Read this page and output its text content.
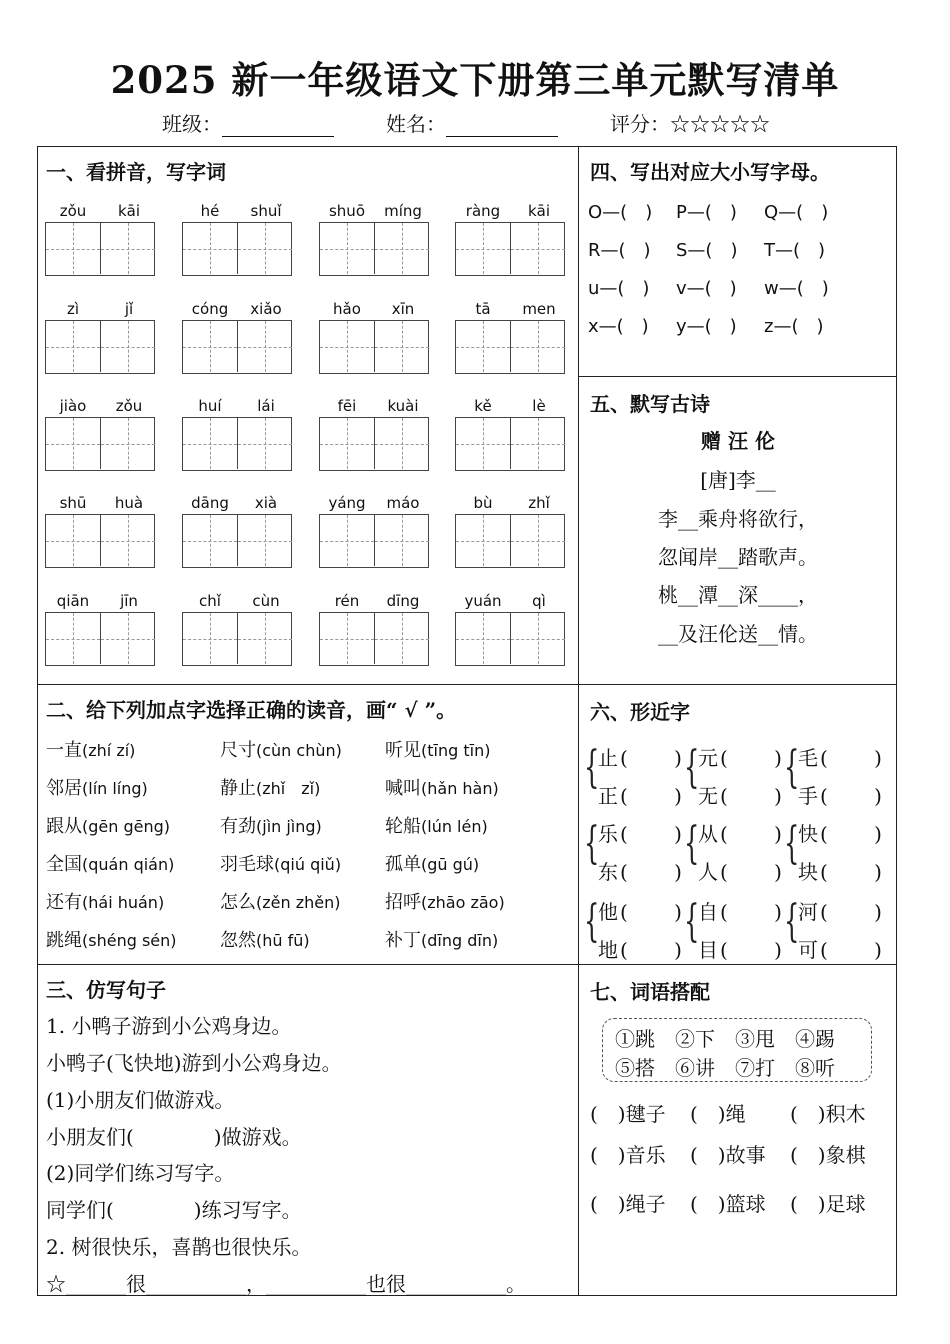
2025 新一年级语文下册第三单元默写清单
班级：	姓名：	评分：☆☆☆☆☆
一、看拼音，写字词
zǒu	kāi	hé	shuǐ	shuō	míng	ràng	kāi
zì	jǐ	cóng	xiǎo	hǎo	xīn	tā	men
jiào	zǒu	huí	lái	fēi	kuài	kě	lè
shū	huà	dāng	xià	yáng	máo	bù	zhǐ
qiān	jīn	chǐ	cùn	rén	dīng	yuán	qì
四、写出对应大小写字母。
O—(　) P—(　) Q—(　)
R—(　) S—(　) T—(　)
u—(　) v—(　) w—(　)
x—(　) y—(　) z—(　)
五、默写古诗
赠 汪 伦
[唐]李__
李__乘舟将欲行，
忽闻岸__踏歌声。
桃__潭__深____，
__及汪伦送__情。
二、给下列加点字选择正确的读音，画“ √ ”。
一直(zhí zí)	尺寸(cùn chùn) 听见(tīng tīn)
邻居(lín líng)	静止(zhǐ　zǐ)	喊叫(hǎn hàn)
跟从(gēn gēng)	有劲(jìn jìng)	轮船(lún lén)
全国(quán qián)	羽毛球(qiú qiǔ) 孤单(gū gú)
还有(hái huán)	怎么(zěn zhěn) 招呼(zhāo zāo)
跳绳(shéng sén) 忽然(hū fū)	补丁(dīng dīn)
六、形近字
{
止 (　　 )
正 (　　 )
{
元 (　　 )
无 (　　 )
{
毛 (　　 )
手 (　　 )
{
乐 (　　 )
东 (　　 )
{
从 (　　 )
人 (　　 )
{
快 (　　 )
块 (　　 )
{
他 (　　 )
地 (　　 )
{
自 (　　 )
目 (　　 )
{
河 (　　 )
可 (　　 )
三、仿写句子
1. 小鸭子游到小公鸡身边。
小鸭子(飞快地)游到小公鸡身边。
(1)小朋友们做游戏。
小朋友们(　　　　)做游戏。
(2)同学们练习写字。
同学们(　　　　)练习写字。
2. 树很快乐，喜鹊也很快乐。
☆______很__________，__________也很__________。
七、词语搭配
①跳　②下　③甩　④踢
⑤搭　⑥讲　⑦打　⑧听
(　)毽子 (　)绳 (　)积木
(　)音乐 (　)故事 (　)象棋
(　)绳子 (　)篮球 (　)足球
